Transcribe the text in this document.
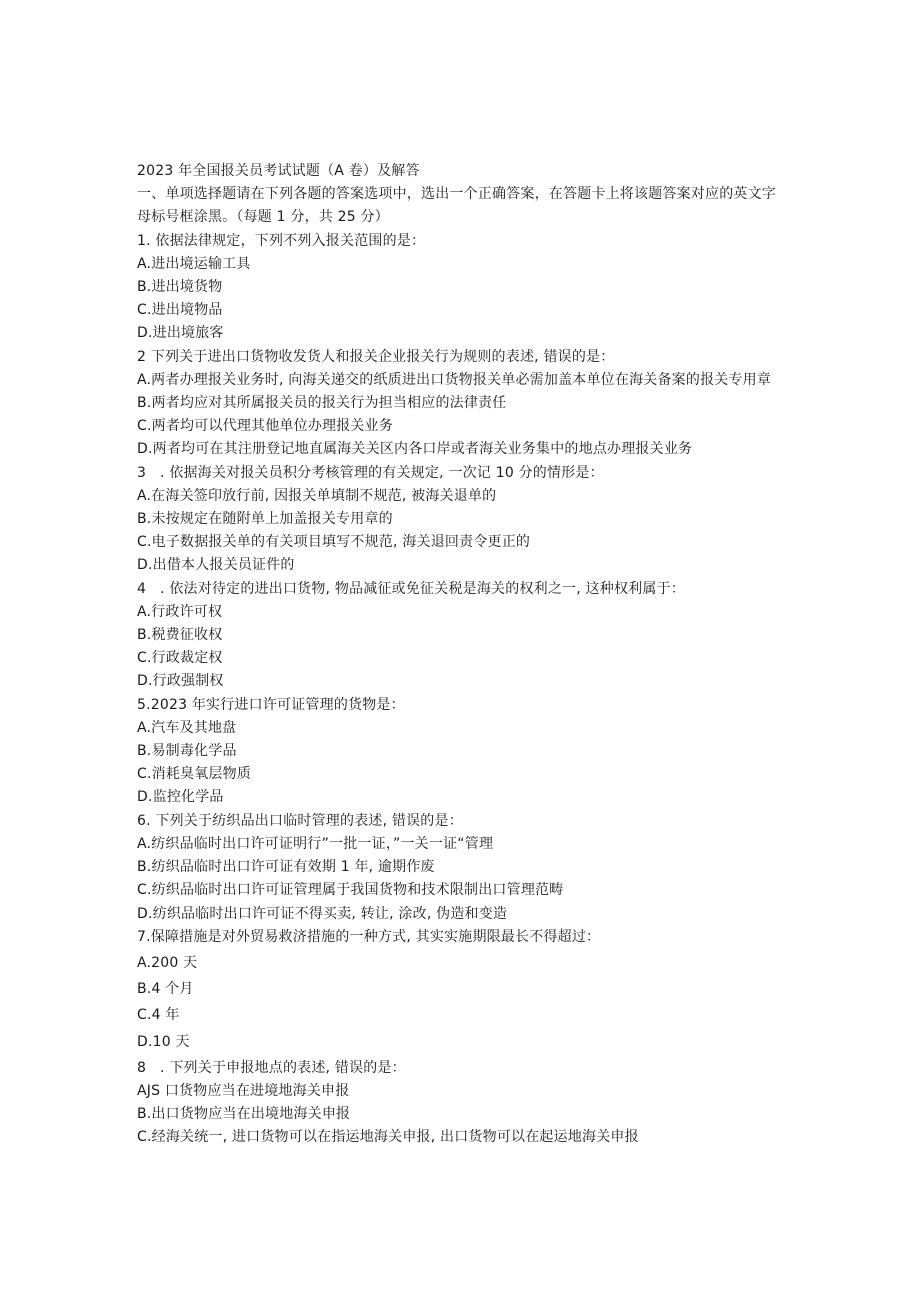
2023 年全国报关员考试试题（A 卷）及解答
一、单项选择题请在下列各题的答案选项中，选出一个正确答案，在答题卡上将该题答案对应的英文字母标号框涂黑。（每题 1 分，共 25 分）
1. 依据法律规定，下列不列入报关范围的是：
A.进出境运输工具
B.进出境货物
C.进出境物品
D.进出境旅客
2 下列关于进出口货物收发货人和报关企业报关行为规则的表述, 错误的是：
A.两者办理报关业务时, 向海关递交的纸质进出口货物报关单必需加盖本单位在海关备案的报关专用章
B.两者均应对其所属报关员的报关行为担当相应的法律责任
C.两者均可以代理其他单位办理报关业务
D.两者均可在其注册登记地直属海关关区内各口岸或者海关业务集中的地点办理报关业务
3   . 依据海关对报关员积分考核管理的有关规定, 一次记 10 分的情形是：
A.在海关签印放行前, 因报关单填制不规范, 被海关退单的
B.未按规定在随附单上加盖报关专用章的
C.电子数据报关单的有关项目填写不规范, 海关退回责令更正的
D.出借本人报关员证件的
4   . 依法对待定的进出口货物, 物品减征或免征关税是海关的权利之一, 这种权利属于：
A.行政许可权
B.税费征收权
C.行政裁定权
D.行政强制权
5.2023 年实行进口许可证管理的货物是：
A.汽车及其地盘
B.易制毒化学品
C.消耗臭氧层物质
D.监控化学品
6. 下列关于纺织品出口临时管理的表述, 错误的是：
A.纺织品临时出口许可证明行”一批一证，”一关一证“管理
B.纺织品临时出口许可证有效期 1 年, 逾期作废
C.纺织品临时出口许可证管理属于我国货物和技术限制出口管理范畴
D.纺织品临时出口许可证不得买卖, 转让, 涂改, 伪造和变造
7.保障措施是对外贸易救济措施的一种方式, 其实实施期限最长不得超过：
A.200 天
B.4 个月
C.4 年
D.10 天
8   . 下列关于申报地点的表述, 错误的是：
AJS 口货物应当在进境地海关申报
B.出口货物应当在出境地海关申报
C.经海关统一, 进口货物可以在指运地海关申报, 出口货物可以在起运地海关申报
